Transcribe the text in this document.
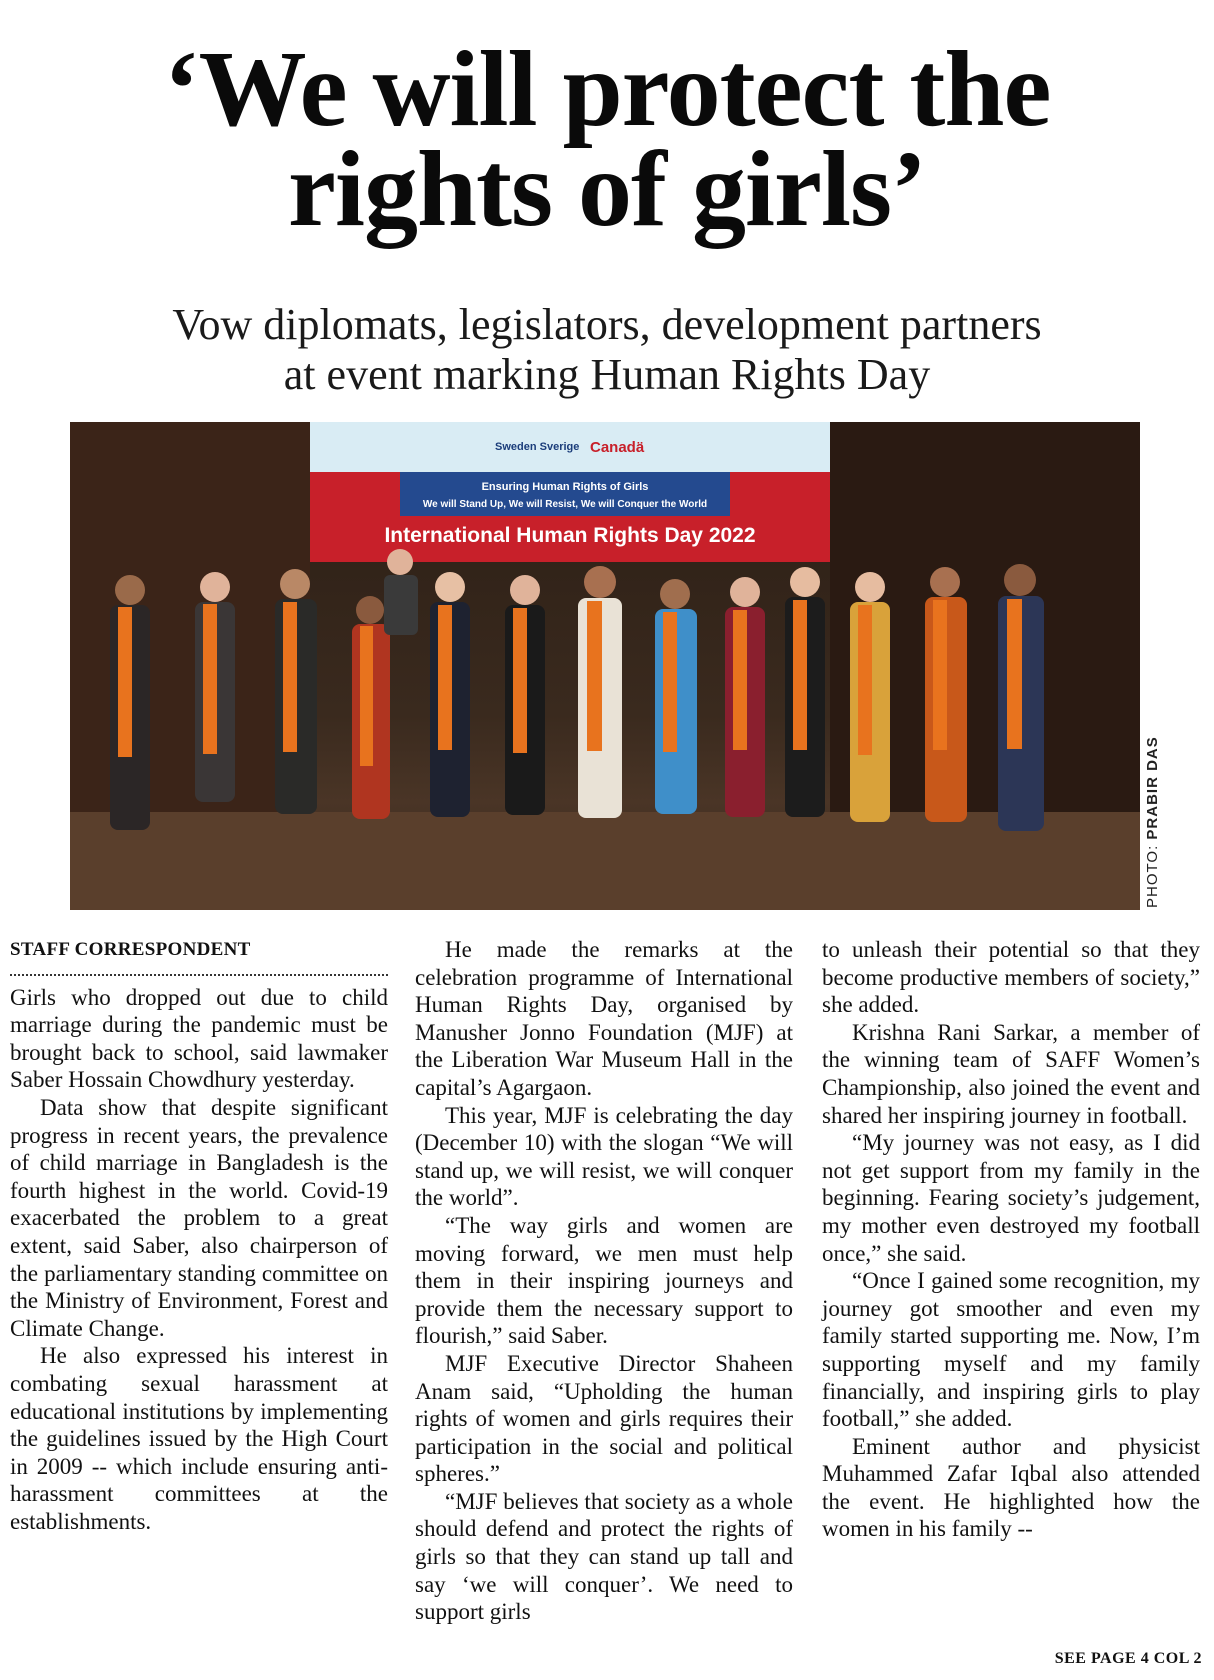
‘We will protect the
rights of girls’
Vow diplomats, legislators, development partners
at event marking Human Rights Day
Sweden Sverige Canadä
Ensuring Human Rights of Girls
We will Stand Up, We will Resist, We will Conquer the World
International Human Rights Day 2022
PHOTO: PRABIR DAS
STAFF CORRESPONDENT

Girls who dropped out due to child marriage during the pandemic must be brought back to school, said lawmaker Saber Hossain Chowdhury yesterday.

Data show that despite significant progress in recent years, the prevalence of child marriage in Bangladesh is the fourth highest in the world. Covid-19 exacerbated the problem to a great extent, said Saber, also chairperson of the parliamentary standing committee on the Ministry of Environment, Forest and Climate Change.

He also expressed his interest in combating sexual harassment at educational institutions by implementing the guidelines issued by the High Court in 2009 -- which include ensuring anti-harassment committees at the establishments.

He made the remarks at the celebration programme of International Human Rights Day, organised by Manusher Jonno Foundation (MJF) at the Liberation War Museum Hall in the capital’s Agargaon.

This year, MJF is celebrating the day (December 10) with the slogan “We will stand up, we will resist, we will conquer the world”.

“The way girls and women are moving forward, we men must help them in their inspiring journeys and provide them the necessary support to flourish,” said Saber.

MJF Executive Director Shaheen Anam said, “Upholding the human rights of women and girls requires their participation in the social and political spheres.”

“MJF believes that society as a whole should defend and protect the rights of girls so that they can stand up tall and say ‘we will conquer’. We need to support girls

to unleash their potential so that they become productive members of society,” she added.

Krishna Rani Sarkar, a member of the winning team of SAFF Women’s Championship, also joined the event and shared her inspiring journey in football.

“My journey was not easy, as I did not get support from my family in the beginning. Fearing society’s judgement, my mother even destroyed my football once,” she said.

“Once I gained some recognition, my journey got smoother and even my family started supporting me. Now, I’m supporting myself and my family financially, and inspiring girls to play football,” she added.

Eminent author and physicist Muhammed Zafar Iqbal also attended the event. He highlighted how the women in his family --

SEE PAGE 4 COL 2
